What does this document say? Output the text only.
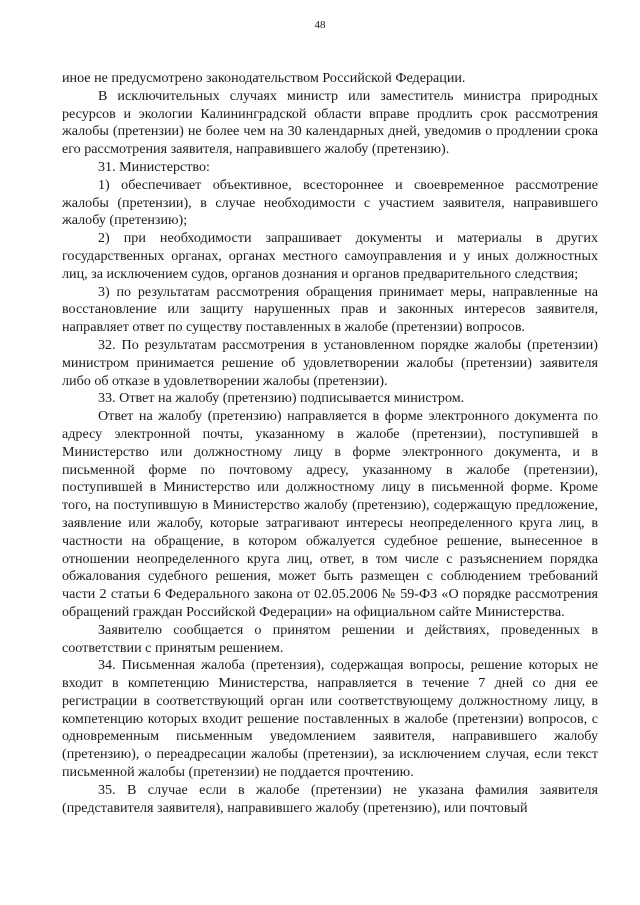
48

иное не предусмотрено законодательством Российской Федерации.

В исключительных случаях министр или заместитель министра природных ресурсов и экологии Калининградской области вправе продлить срок рассмотрения жалобы (претензии) не более чем на 30 календарных дней, уведомив о продлении срока его рассмотрения заявителя, направившего жалобу (претензию).

31. Министерство:

1) обеспечивает объективное, всестороннее и своевременное рассмотрение жалобы (претензии), в случае необходимости с участием заявителя, направившего жалобу (претензию);

2) при необходимости запрашивает документы и материалы в других государственных органах, органах местного самоуправления и у иных должностных лиц, за исключением судов, органов дознания и органов предварительного следствия;

3) по результатам рассмотрения обращения принимает меры, направленные на восстановление или защиту нарушенных прав и законных интересов заявителя, направляет ответ по существу поставленных в жалобе (претензии) вопросов.

32. По результатам рассмотрения в установленном порядке жалобы (претензии) министром принимается решение об удовлетворении жалобы (претензии) заявителя либо об отказе в удовлетворении жалобы (претензии).

33. Ответ на жалобу (претензию) подписывается министром.

Ответ на жалобу (претензию) направляется в форме электронного документа по адресу электронной почты, указанному в жалобе (претензии), поступившей в Министерство или должностному лицу в форме электронного документа, и в письменной форме по почтовому адресу, указанному в жалобе (претензии), поступившей в Министерство или должностному лицу в письменной форме. Кроме того, на поступившую в Министерство жалобу (претензию), содержащую предложение, заявление или жалобу, которые затрагивают интересы неопределенного круга лиц, в частности на обращение, в котором обжалуется судебное решение, вынесенное в отношении неопределенного круга лиц, ответ, в том числе с разъяснением порядка обжалования судебного решения, может быть размещен с соблюдением требований части 2 статьи 6 Федерального закона от 02.05.2006 № 59-ФЗ «О порядке рассмотрения обращений граждан Российской Федерации» на официальном сайте Министерства.

Заявителю сообщается о принятом решении и действиях, проведенных в соответствии с принятым решением.

34. Письменная жалоба (претензия), содержащая вопросы, решение которых не входит в компетенцию Министерства, направляется в течение 7 дней со дня ее регистрации в соответствующий орган или соответствующему должностному лицу, в компетенцию которых входит решение поставленных в жалобе (претензии) вопросов, с одновременным письменным уведомлением заявителя, направившего жалобу (претензию), о переадресации жалобы (претензии), за исключением случая, если текст письменной жалобы (претензии) не поддается прочтению.

35. В случае если в жалобе (претензии) не указана фамилия заявителя (представителя заявителя), направившего жалобу (претензию), или почтовый
